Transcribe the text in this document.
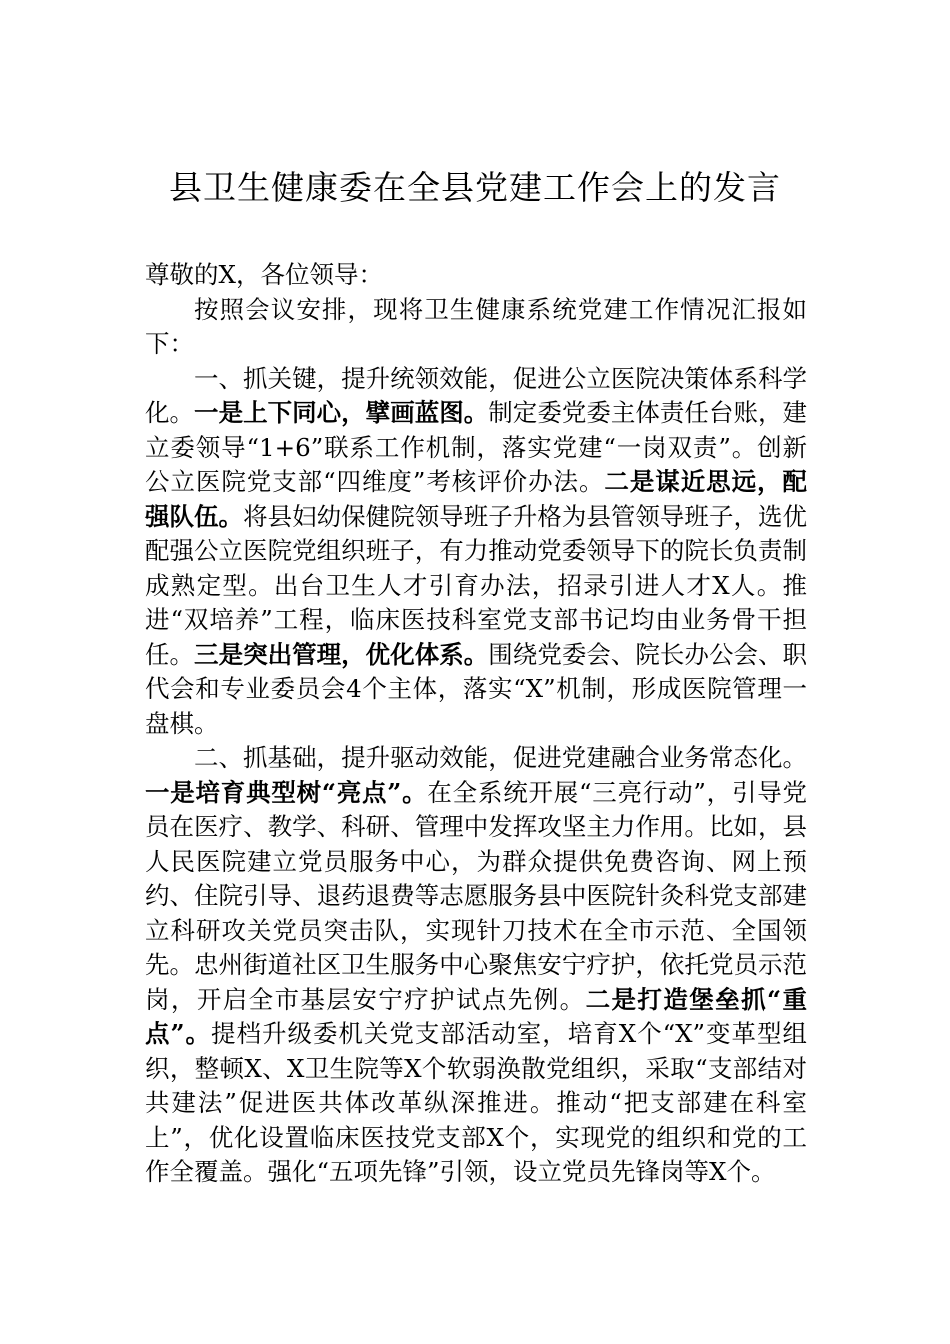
县卫生健康委在全县党建工作会上的发言

尊敬的X，各位领导：

按照会议安排，现将卫生健康系统党建工作情况汇报如下：

一、抓关键，提升统领效能，促进公立医院决策体系科学化。一是上下同心，擘画蓝图。制定委党委主体责任台账，建立委领导“1+6”联系工作机制，落实党建“一岗双责”。创新公立医院党支部“四维度”考核评价办法。二是谋近思远，配强队伍。将县妇幼保健院领导班子升格为县管领导班子，选优配强公立医院党组织班子，有力推动党委领导下的院长负责制成熟定型。出台卫生人才引育办法，招录引进人才X人。推进“双培养”工程，临床医技科室党支部书记均由业务骨干担任。三是突出管理，优化体系。围绕党委会、院长办公会、职代会和专业委员会4个主体，落实“X”机制，形成医院管理一盘棋。

二、抓基础，提升驱动效能，促进党建融合业务常态化。一是培育典型树“亮点”。在全系统开展“三亮行动”，引导党员在医疗、教学、科研、管理中发挥攻坚主力作用。比如，县人民医院建立党员服务中心，为群众提供免费咨询、网上预约、住院引导、退药退费等志愿服务县中医院针灸科党支部建立科研攻关党员突击队，实现针刀技术在全市示范、全国领先。忠州街道社区卫生服务中心聚焦安宁疗护，依托党员示范岗，开启全市基层安宁疗护试点先例。二是打造堡垒抓“重点”。提档升级委机关党支部活动室，培育X个“X”变革型组织，整顿X、X卫生院等X个软弱涣散党组织，采取“支部结对共建法”促进医共体改革纵深推进。推动“把支部建在科室上”，优化设置临床医技党支部X个，实现党的组织和党的工作全覆盖。强化“五项先锋”引领，设立党员先锋岗等X个。
